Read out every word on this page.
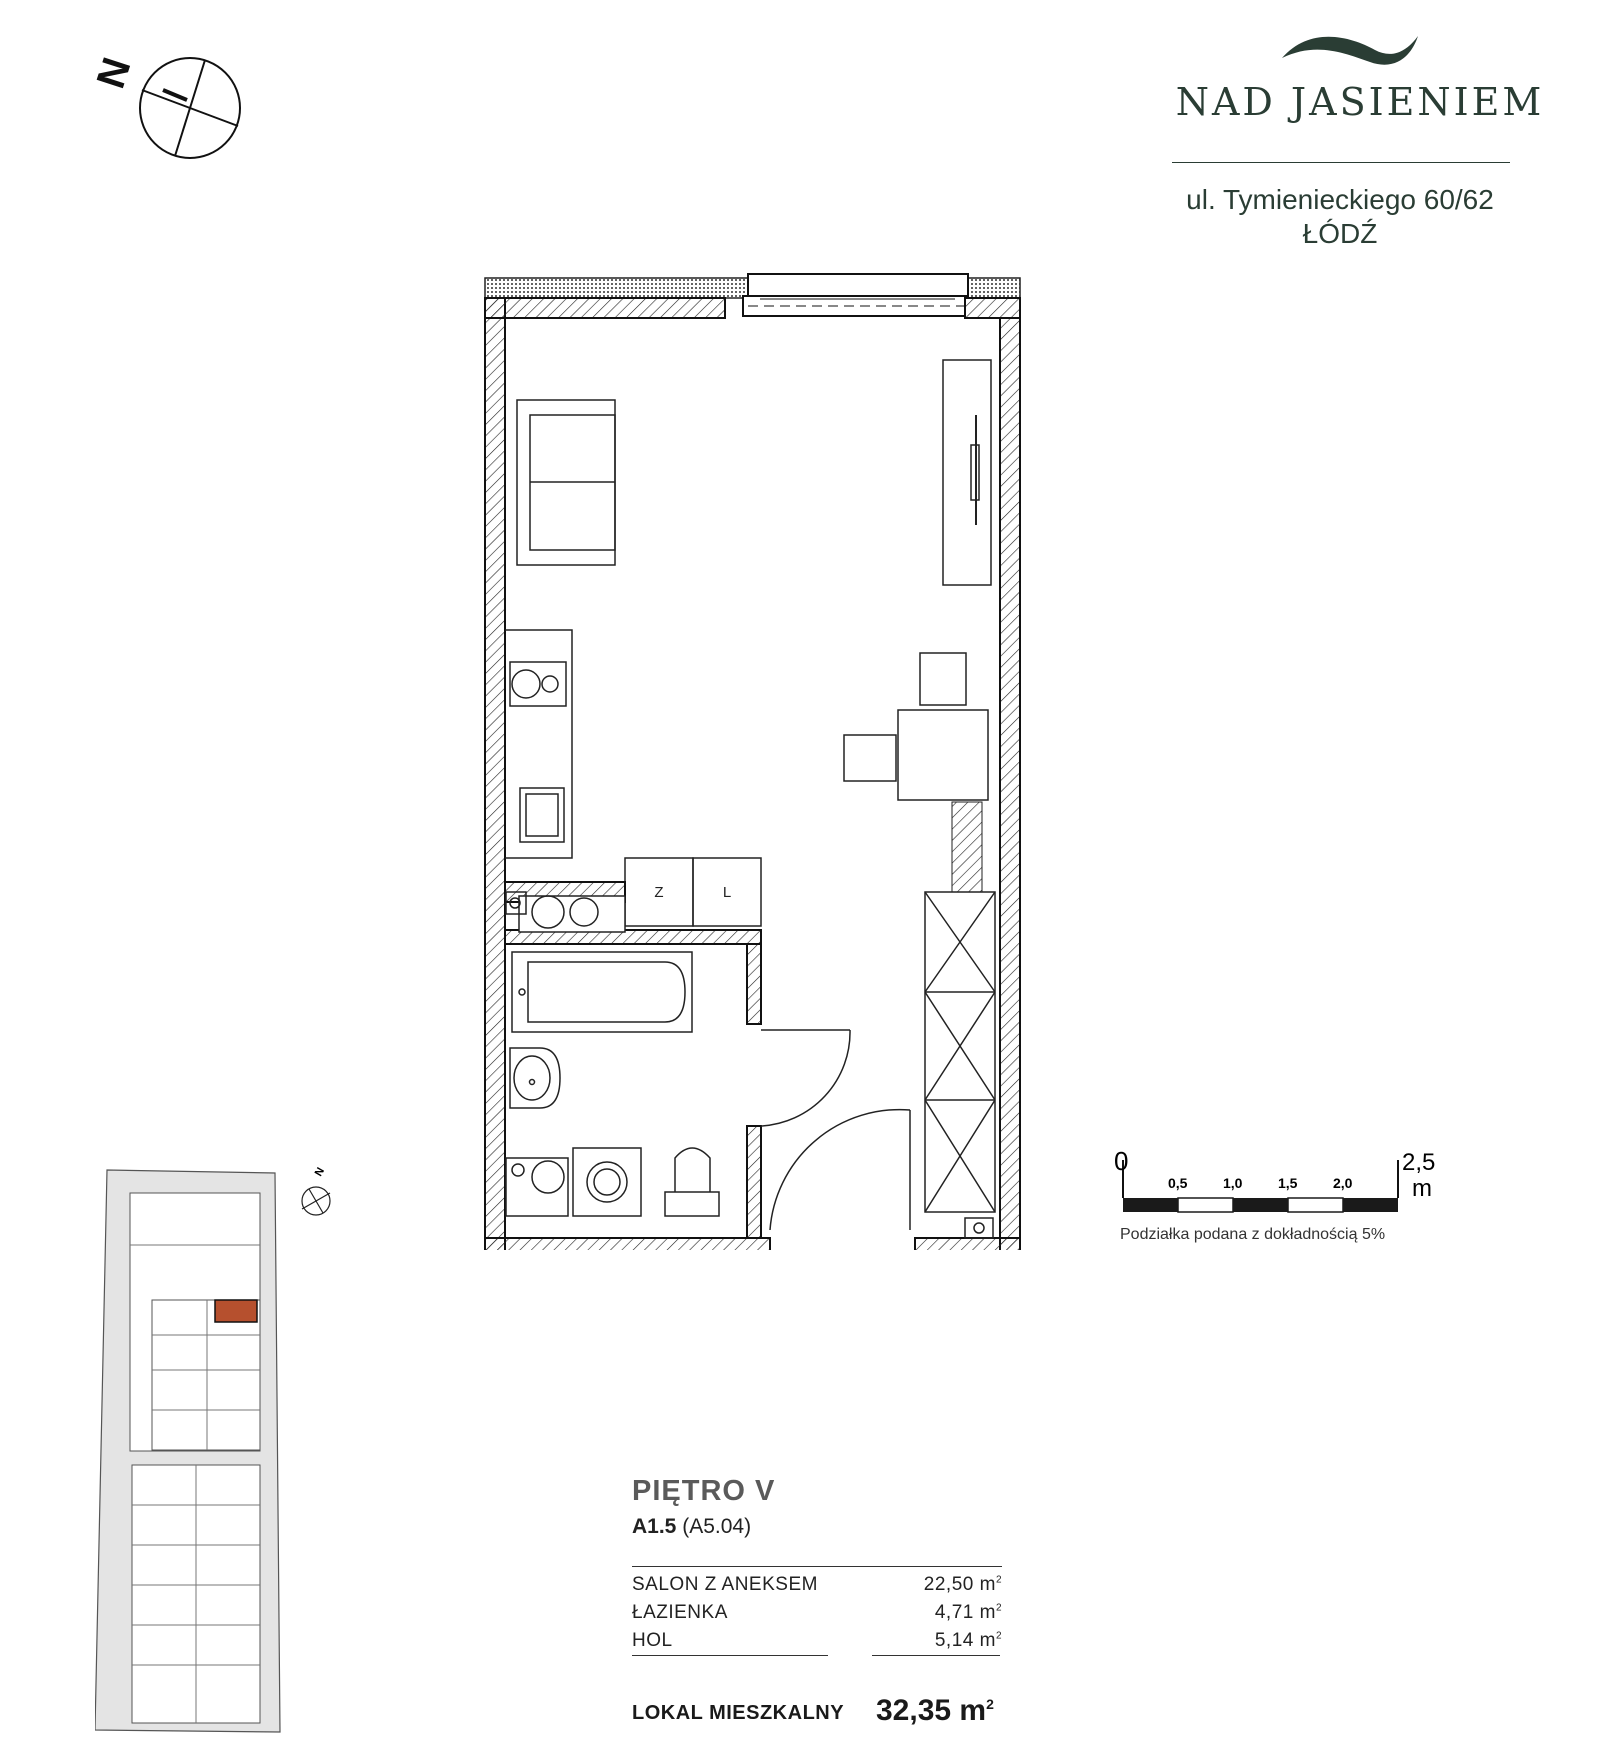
NAD JASIENIEM
ul. Tymienieckiego 60/62
ŁÓDŹ
N
Z	L
0
0,5	1,0	1,5	2,0
2,5
m
Podziałka podana z dokładnością 5%
N
PIĘTRO V
A1.5 (A5.04)
SALON Z ANEKSEM	22,50 $m^2$
ŁAZIENKA	4,71 $m^2$
HOL	5,14 $m^2$
LOKAL MIESZKALNY 32,35 $m^2$
